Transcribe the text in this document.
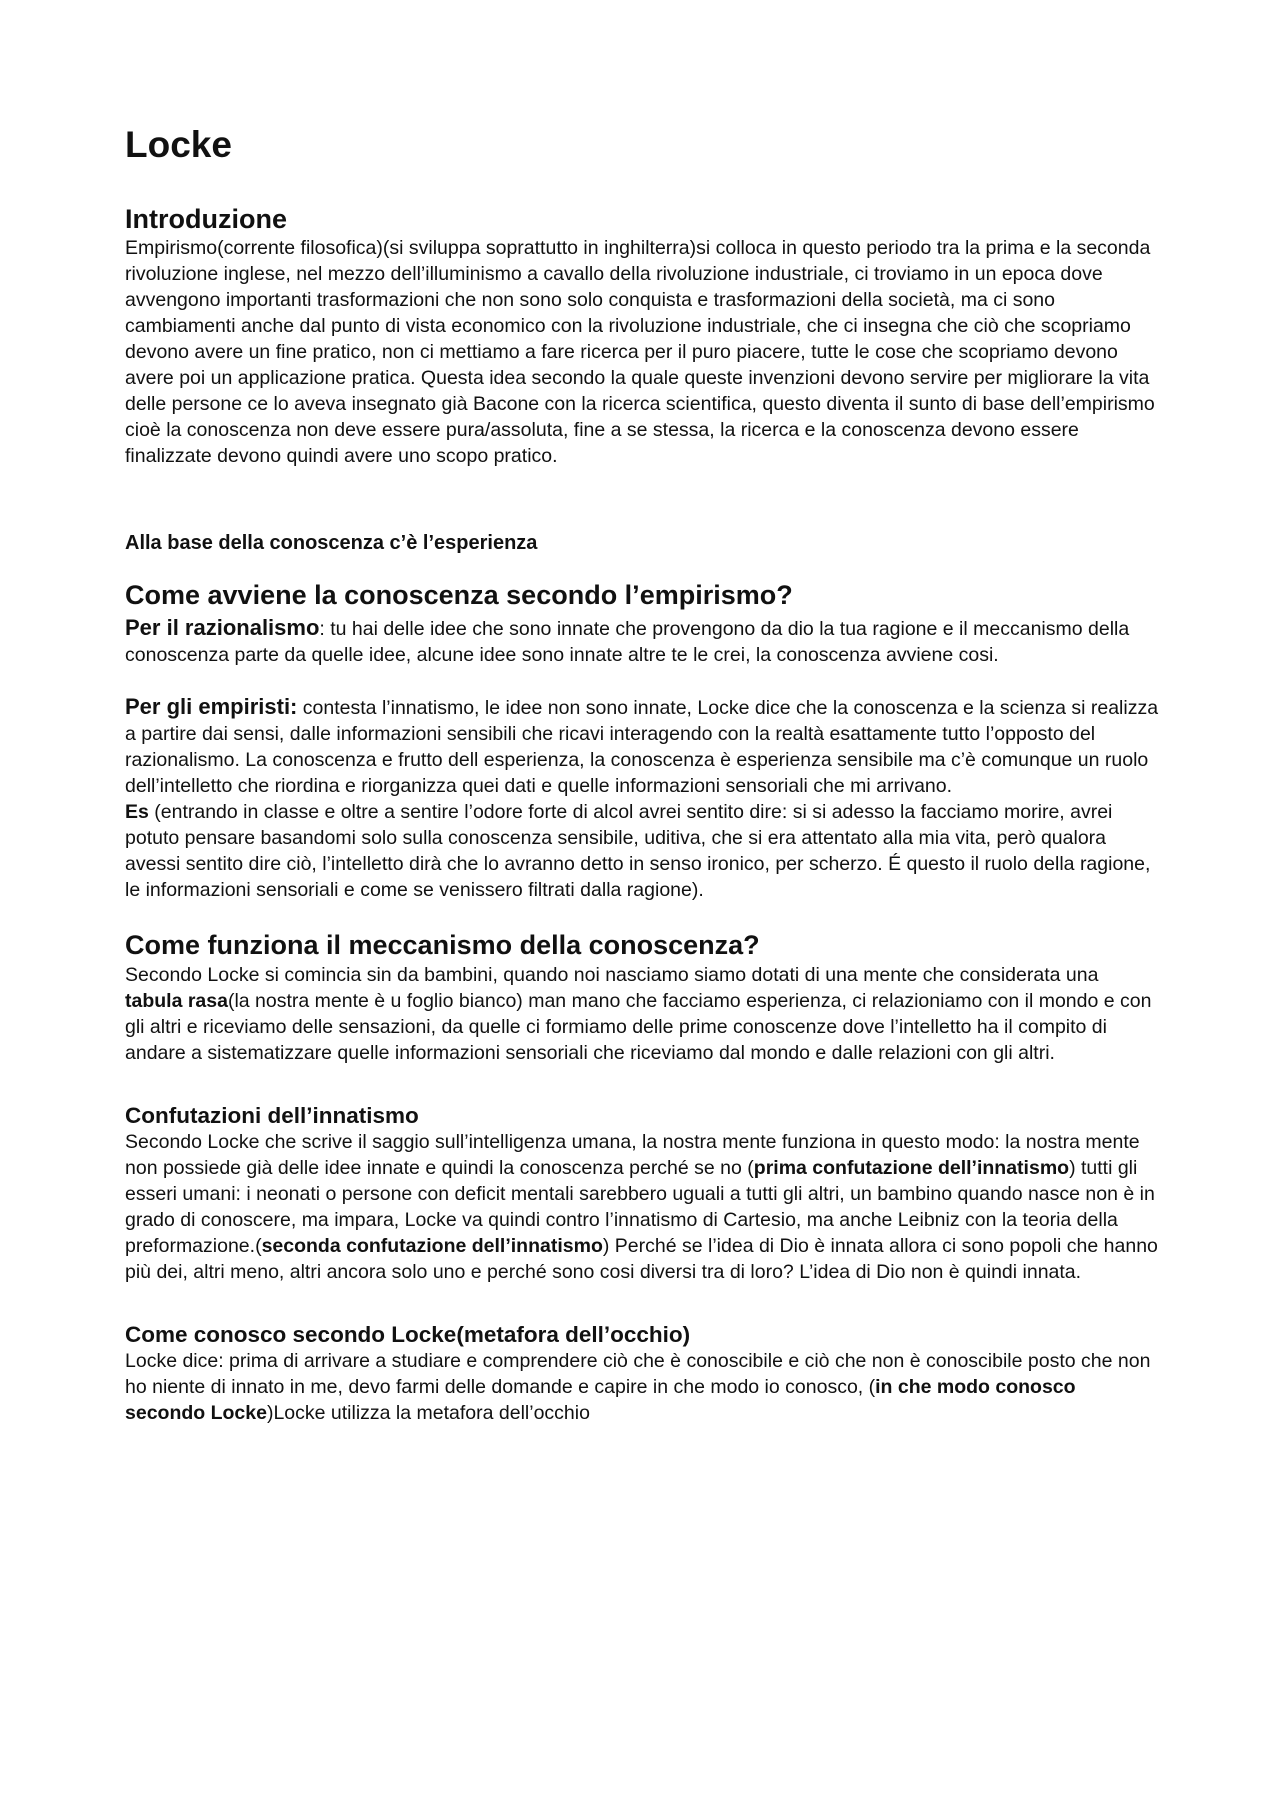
Locke
Introduzione

Empirismo(corrente filosofica)(si sviluppa soprattutto in inghilterra)si colloca in questo periodo tra la prima e la seconda rivoluzione inglese, nel mezzo dell’illuminismo a cavallo della rivoluzione industriale, ci troviamo in un epoca dove avvengono importanti trasformazioni che non sono solo conquista e trasformazioni della società, ma ci sono cambiamenti anche dal punto di vista economico con la rivoluzione industriale, che ci insegna che ciò che scopriamo devono avere un fine pratico, non ci mettiamo a fare ricerca per il puro piacere, tutte le cose che scopriamo devono avere poi un applicazione pratica. Questa idea secondo la quale queste invenzioni devono servire per migliorare la vita delle persone ce lo aveva insegnato già Bacone con la ricerca scientifica, questo diventa il sunto di base dell’empirismo cioè la conoscenza non deve essere pura/assoluta, fine a se stessa, la ricerca e la conoscenza devono essere finalizzate devono quindi avere uno scopo pratico.

Alla base della conoscenza c’è l’esperienza
Come avviene la conoscenza secondo l’empirismo?

Per il razionalismo: tu hai delle idee che sono innate che provengono da dio la tua ragione e il meccanismo della conoscenza parte da quelle idee, alcune idee sono innate altre te le crei, la conoscenza avviene cosi.

Per gli empiristi: contesta l’innatismo, le idee non sono innate, Locke dice che la conoscenza e la scienza si realizza a partire dai sensi, dalle informazioni sensibili che ricavi interagendo con la realtà esattamente tutto l’opposto del razionalismo. La conoscenza e frutto dell esperienza, la conoscenza è esperienza sensibile ma c’è comunque un ruolo dell’intelletto che riordina e riorganizza quei dati e quelle informazioni sensoriali che mi arrivano.

Es (entrando in classe e oltre a sentire l’odore forte di alcol avrei sentito dire: si si adesso la facciamo morire, avrei potuto pensare basandomi solo sulla conoscenza sensibile, uditiva, che si era attentato alla mia vita, però qualora avessi sentito dire ciò, l’intelletto dirà che lo avranno detto in senso ironico, per scherzo. É questo il ruolo della ragione, le informazioni sensoriali e come se venissero filtrati dalla ragione).

Come funziona il meccanismo della conoscenza?

Secondo Locke si comincia sin da bambini, quando noi nasciamo siamo dotati di una mente che considerata una tabula rasa(la nostra mente è u foglio bianco) man mano che facciamo esperienza, ci relazioniamo con il mondo e con gli altri e riceviamo delle sensazioni, da quelle ci formiamo delle prime conoscenze dove l’intelletto ha il compito di andare a sistematizzare quelle informazioni sensoriali che riceviamo dal mondo e dalle relazioni con gli altri.

Confutazioni dell’innatismo

Secondo Locke che scrive il saggio sull’intelligenza umana, la nostra mente funziona in questo modo: la nostra mente non possiede già delle idee innate e quindi la conoscenza perché se no (prima confutazione dell’innatismo) tutti gli esseri umani: i neonati o persone con deficit mentali sarebbero uguali a tutti gli altri, un bambino quando nasce non è in grado di conoscere, ma impara, Locke va quindi contro l’innatismo di Cartesio, ma anche Leibniz con la teoria della preformazione.(seconda confutazione dell’innatismo) Perché se l’idea di Dio è innata allora ci sono popoli che hanno più dei, altri meno, altri ancora solo uno e perché sono cosi diversi tra di loro? L’idea di Dio non è quindi innata.

Come conosco secondo Locke(metafora dell’occhio)

Locke dice: prima di arrivare a studiare e comprendere ciò che è conoscibile e ciò che non è conoscibile posto che non ho niente di innato in me, devo farmi delle domande e capire in che modo io conosco, (in che modo conosco secondo Locke)Locke utilizza la metafora dell’occhio
